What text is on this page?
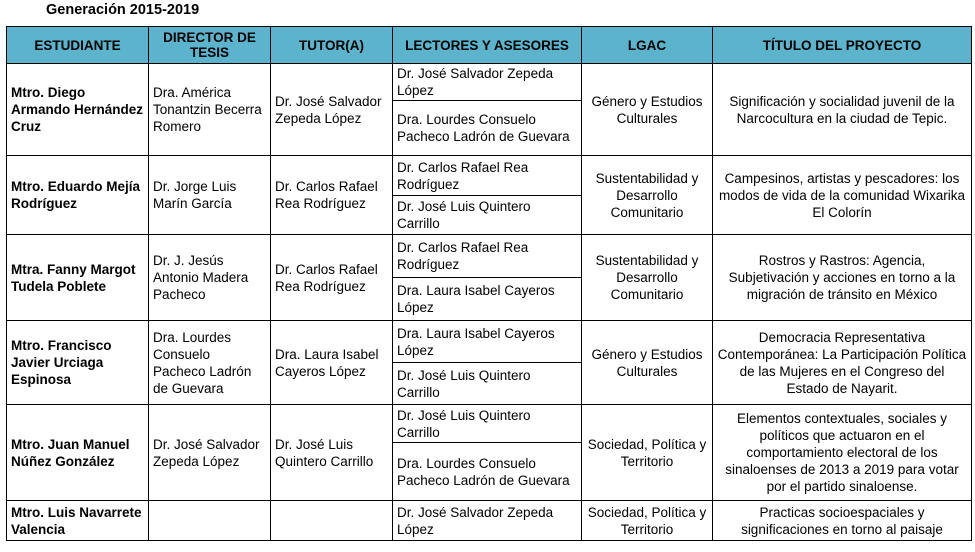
Generación 2015-2019
ESTUDIANTE	DIRECTOR DE TESIS	TUTOR(A)	LECTORES Y ASESORES	LGAC	TÍTULO DEL PROYECTO
Mtro. Diego Armando Hernández Cruz	Dra. América Tonantzin Becerra Romero	Dr. José Salvador Zepeda López	Dr. José Salvador Zepeda López	Género y Estudios Culturales	Significación y socialidad juvenil de la Narcocultura en la ciudad de Tepic.
			Dra. Lourdes Consuelo Pacheco Ladrón de Guevara		
Mtro. Eduardo Mejía Rodríguez	Dr. Jorge Luis Marín García	Dr. Carlos Rafael Rea Rodríguez	Dr. Carlos Rafael Rea Rodríguez	Sustentabilidad y Desarrollo Comunitario	Campesinos, artistas y pescadores: los modos de vida de la comunidad Wixarika El Colorín
			Dr. José Luis Quintero Carrillo		
Mtra. Fanny Margot Tudela Poblete	Dr. J. Jesús Antonio Madera Pacheco	Dr. Carlos Rafael Rea Rodríguez	Dr. Carlos Rafael Rea Rodríguez	Sustentabilidad y Desarrollo Comunitario	Rostros y Rastros: Agencia, Subjetivación y acciones en torno a la migración de tránsito en México
			Dra. Laura Isabel Cayeros López		
Mtro. Francisco Javier Urciaga Espinosa	Dra. Lourdes Consuelo Pacheco Ladrón de Guevara	Dra. Laura Isabel Cayeros López	Dra. Laura Isabel Cayeros López	Género y Estudios Culturales	Democracia Representativa Contemporánea: La Participación Política de las Mujeres en el Congreso del Estado de Nayarit.
			Dr. José Luis Quintero Carrillo		
Mtro. Juan Manuel Núñez González	Dr. José Salvador Zepeda López	Dr. José Luis Quintero Carrillo	Dr. José Luis Quintero Carrillo	Sociedad, Política y Territorio	Elementos contextuales, sociales y políticos que actuaron en el comportamiento electoral de los sinaloenses de 2013 a 2019 para votar por el partido sinaloense.
			Dra. Lourdes Consuelo Pacheco Ladrón de Guevara		
Mtro. Luis Navarrete Valencia			Dr. José Salvador Zepeda López	Sociedad, Política y Territorio	Practicas socioespaciales y significaciones en torno al paisaje
